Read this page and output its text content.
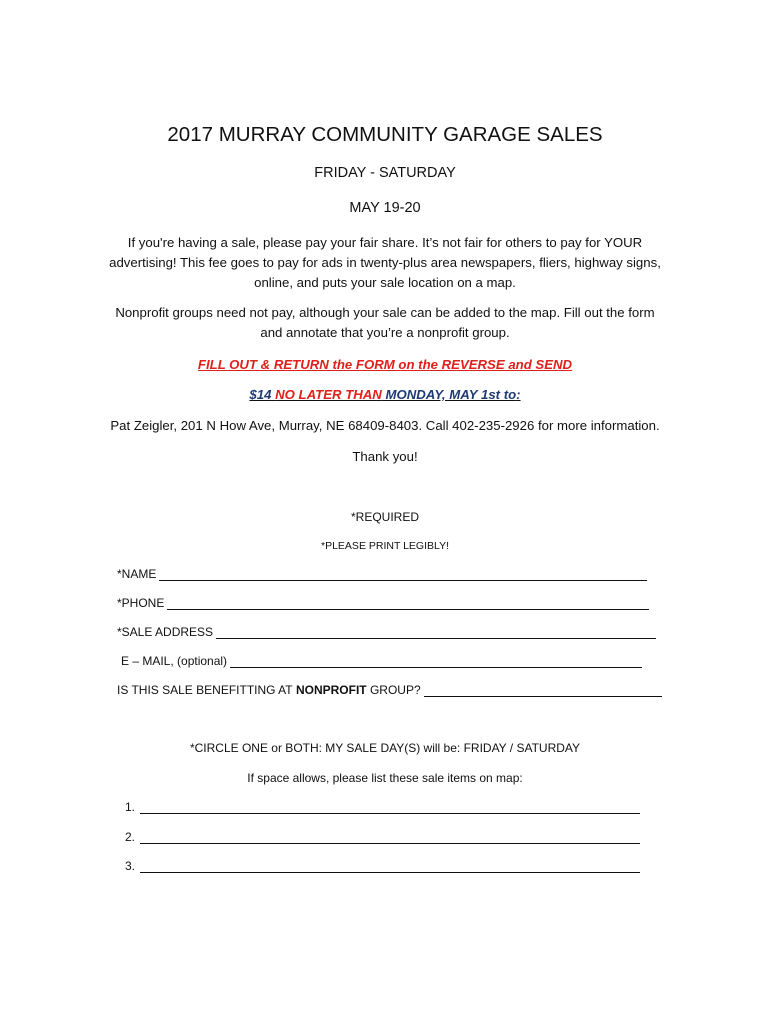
2017 MURRAY COMMUNITY GARAGE SALES
FRIDAY - SATURDAY
MAY 19-20
If you're having a sale, please pay your fair share. It’s not fair for others to pay for YOUR
advertising! This fee goes to pay for ads in twenty-plus area newspapers, fliers, highway signs,
online, and puts your sale location on a map.
Nonprofit groups need not pay, although your sale can be added to the map. Fill out the form
and annotate that you’re a nonprofit group.
FILL OUT & RETURN the FORM on the REVERSE and SEND
$14 NO LATER THAN MONDAY, MAY 1st to:
Pat Zeigler, 201 N How Ave, Murray, NE 68409-8403. Call 402-235-2926 for more information.
Thank you!
*REQUIRED
*PLEASE PRINT LEGIBLY!
*NAME
*PHONE
*SALE ADDRESS
E – MAIL, (optional)
IS THIS SALE BENEFITTING AT
NONPROFIT
GROUP?
*CIRCLE ONE or BOTH: MY SALE DAY(S) will be: FRIDAY / SATURDAY
If space allows, please list these sale items on map:
1.
2.
3.
